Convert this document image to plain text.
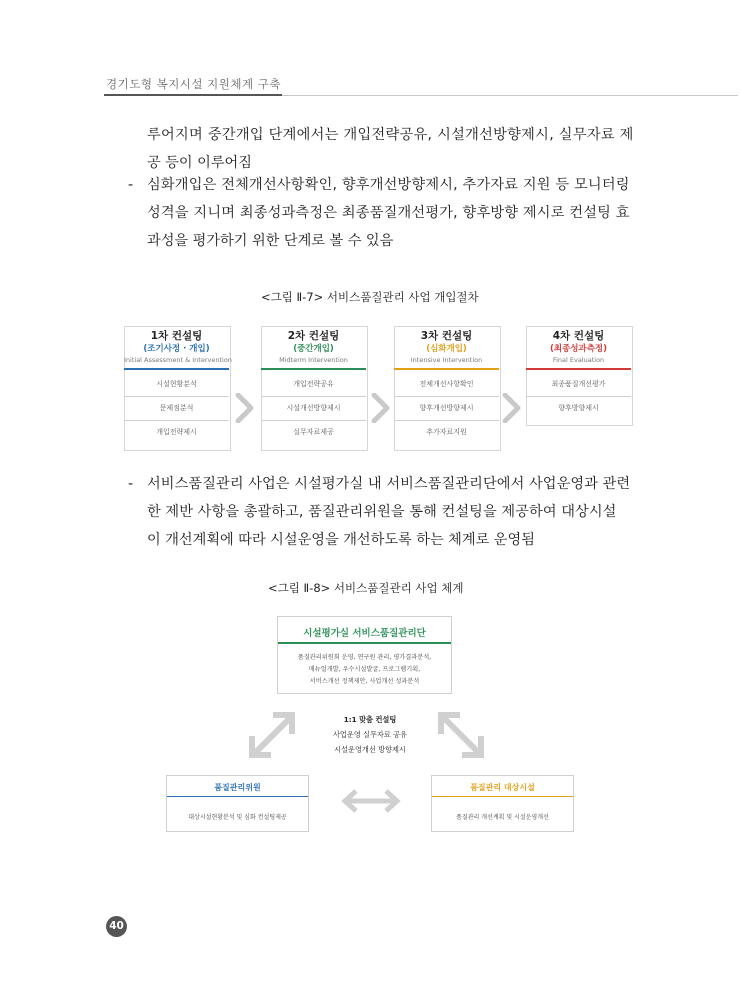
경기도형 복지시설 지원체계 구축
루어지며 중간개입 단계에서는 개입전략공유, 시설개선방향제시, 실무자료 제
공 등이 이루어짐
- 심화개입은 전체개선사항확인, 향후개선방향제시, 추가자료 지원 등 모니터링
성격을 지니며 최종성과측정은 최종품질개선평가, 향후방향 제시로 컨설팅 효
과성을 평가하기 위한 단계로 볼 수 있음
<그림 Ⅱ-7> 서비스품질관리 사업 개입절차
1차 컨설팅
(조기사정 · 개입)
Initial Assessment & Intervention
시설현황분석
문제점분석
개입전략제시
2차 컨설팅
(중간개입)
Midterm Intervention
개입전략공유
시설개선방향제시
실무자료제공
3차 컨설팅
(심화개입)
Intensive Intervention
전체개선사항확인
향후개선방향제시
추가자료지원
4차 컨설팅
(최종성과측정)
Final Evaluation
최종품질개선평가
향후방향제시
- 서비스품질관리 사업은 시설평가실 내 서비스품질관리단에서 사업운영과 관련
한 제반 사항을 총괄하고, 품질관리위원을 통해 컨설팅을 제공하여 대상시설
이 개선계획에 따라 시설운영을 개선하도록 하는 체계로 운영됨
<그림 Ⅱ-8> 서비스품질관리 사업 체계
시설평가실 서비스품질관리단
품질관리위원회 운영, 연구원 관리, 평가결과분석,
매뉴얼개발, 우수시설발굴, 프로그램기획,
서비스개선 정책제안, 사업개선 성과분석
1:1 맞춤 컨설팅
사업운영 실무자료 공유
시설운영개선 방향제시
품질관리위원
대상시설현황분석 및 심화 컨설팅제공
품질관리 대상시설
품질관리 개선계획 및 시설운영개선
40
